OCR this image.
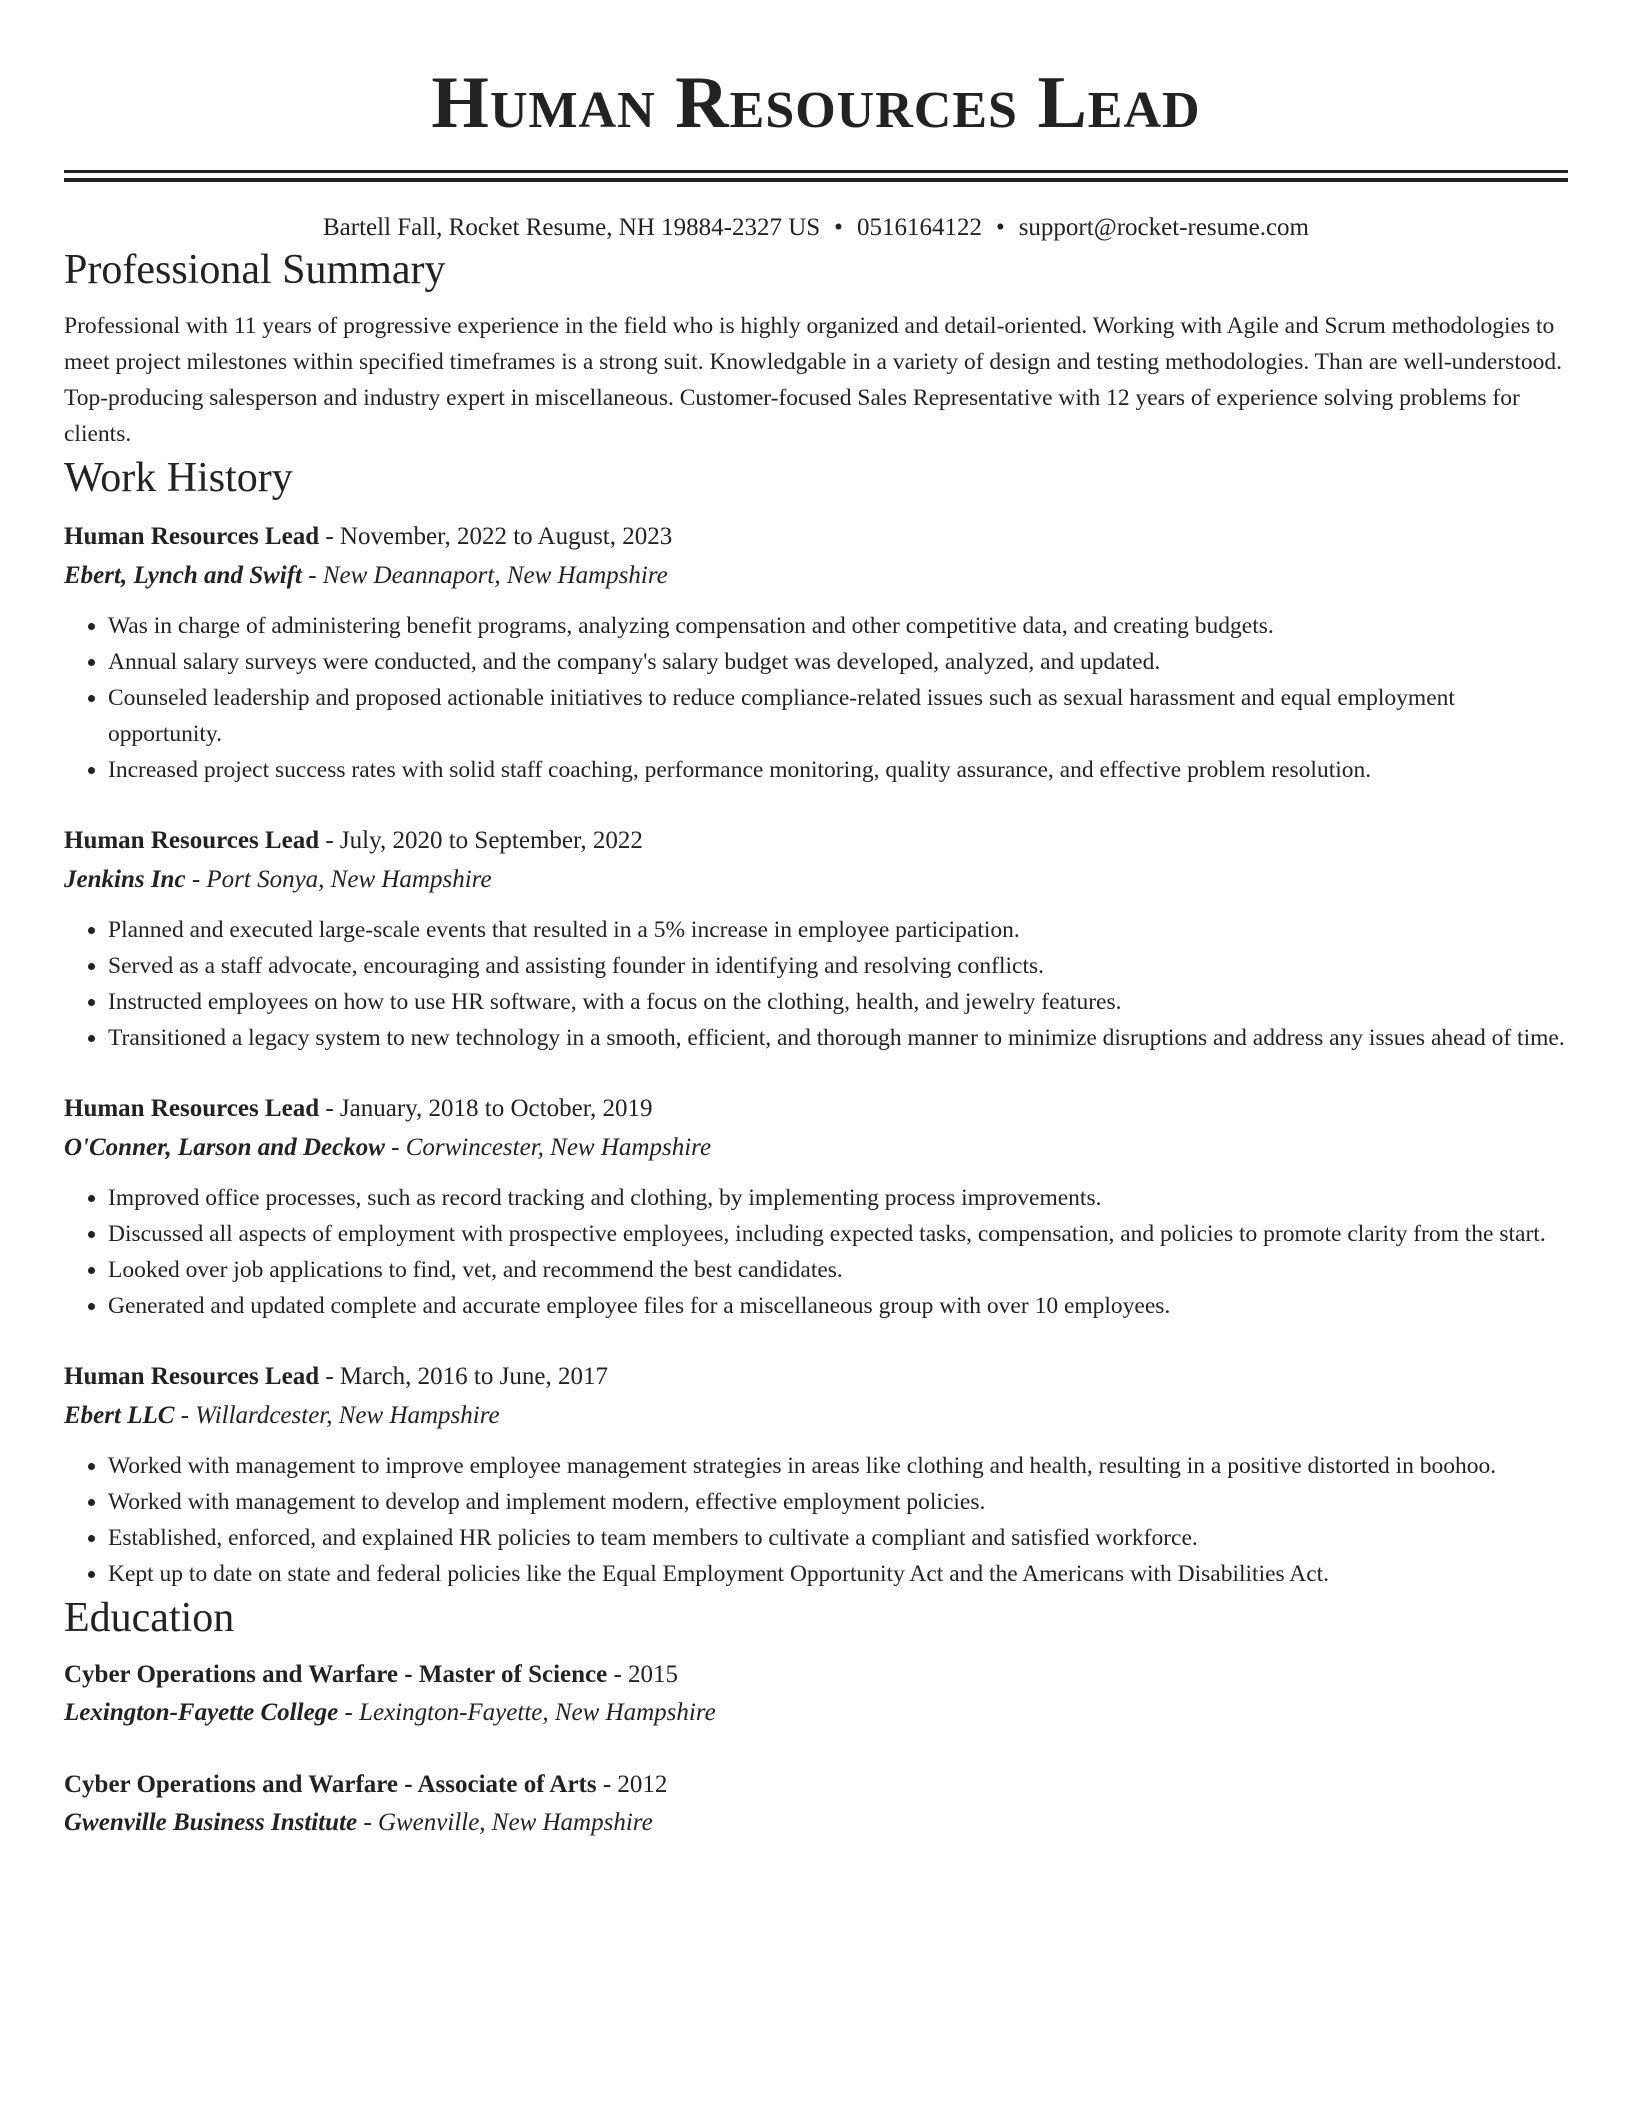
Human Resources Lead
Bartell Fall, Rocket Resume, NH 19884-2327 US • 0516164122 • support@rocket-resume.com
Professional Summary
Professional with 11 years of progressive experience in the field who is highly organized and detail-oriented. Working with Agile and Scrum methodologies to meet project milestones within specified timeframes is a strong suit. Knowledgable in a variety of design and testing methodologies. Than are well-understood. Top-producing salesperson and industry expert in miscellaneous. Customer-focused Sales Representative with 12 years of experience solving problems for clients.
Work History
Human Resources Lead - November, 2022 to August, 2023
Ebert, Lynch and Swift - New Deannaport, New Hampshire
• Was in charge of administering benefit programs, analyzing compensation and other competitive data, and creating budgets.
• Annual salary surveys were conducted, and the company's salary budget was developed, analyzed, and updated.
• Counseled leadership and proposed actionable initiatives to reduce compliance-related issues such as sexual harassment and equal employment opportunity.
• Increased project success rates with solid staff coaching, performance monitoring, quality assurance, and effective problem resolution.
Human Resources Lead - July, 2020 to September, 2022
Jenkins Inc - Port Sonya, New Hampshire
• Planned and executed large-scale events that resulted in a 5% increase in employee participation.
• Served as a staff advocate, encouraging and assisting founder in identifying and resolving conflicts.
• Instructed employees on how to use HR software, with a focus on the clothing, health, and jewelry features.
• Transitioned a legacy system to new technology in a smooth, efficient, and thorough manner to minimize disruptions and address any issues ahead of time.
Human Resources Lead - January, 2018 to October, 2019
O'Conner, Larson and Deckow - Corwincester, New Hampshire
• Improved office processes, such as record tracking and clothing, by implementing process improvements.
• Discussed all aspects of employment with prospective employees, including expected tasks, compensation, and policies to promote clarity from the start.
• Looked over job applications to find, vet, and recommend the best candidates.
• Generated and updated complete and accurate employee files for a miscellaneous group with over 10 employees.
Human Resources Lead - March, 2016 to June, 2017
Ebert LLC - Willardcester, New Hampshire
• Worked with management to improve employee management strategies in areas like clothing and health, resulting in a positive distorted in boohoo.
• Worked with management to develop and implement modern, effective employment policies.
• Established, enforced, and explained HR policies to team members to cultivate a compliant and satisfied workforce.
• Kept up to date on state and federal policies like the Equal Employment Opportunity Act and the Americans with Disabilities Act.
Education
Cyber Operations and Warfare - Master of Science - 2015
Lexington-Fayette College - Lexington-Fayette, New Hampshire
Cyber Operations and Warfare - Associate of Arts - 2012
Gwenville Business Institute - Gwenville, New Hampshire
